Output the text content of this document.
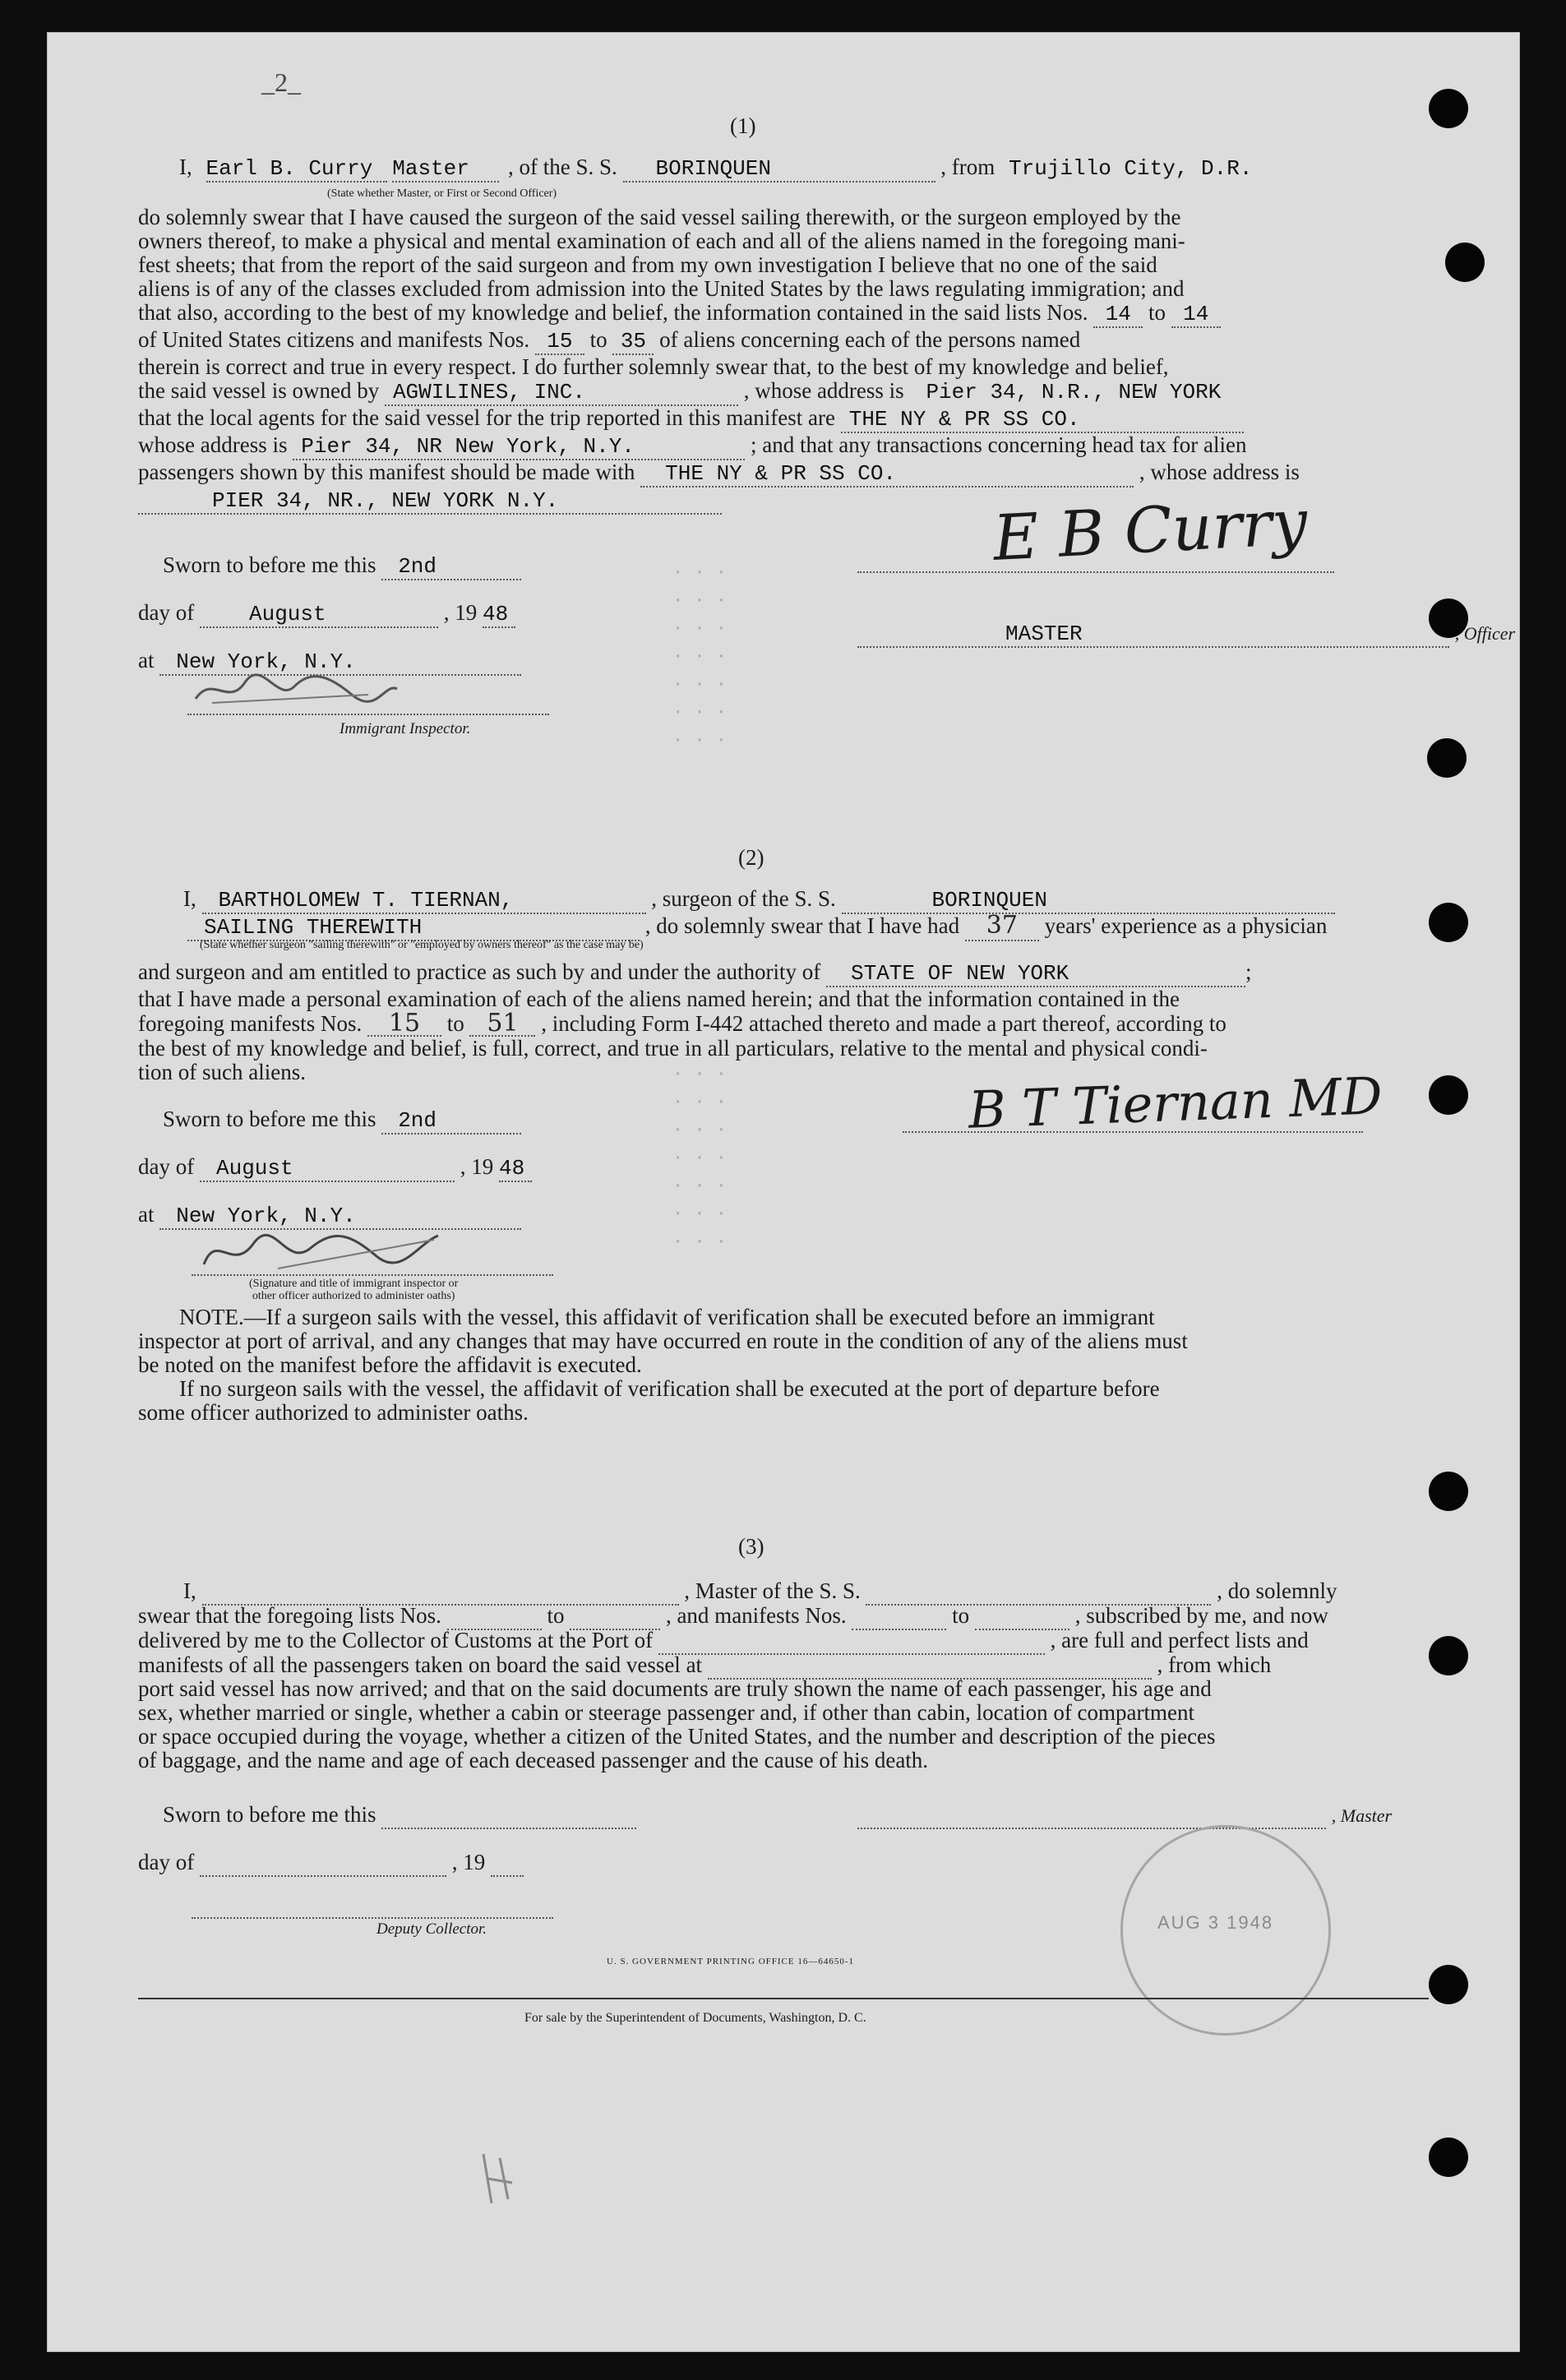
· · ·
· · ·
· · ·
· · ·
· · ·
· · ·
· · ·
· · ·
· · ·
· · ·
· · ·
· · ·
· · ·
· · ·
_2_
(1)
I, Earl B. Curry Master , of the S. S. BORINQUEN	, from Trujillo City, D.R.
(State whether Master, or First or Second Officer)
do solemnly swear that I have caused the surgeon of the said vessel sailing therewith, or the surgeon employed by the
owners thereof, to make a physical and mental examination of each and all of the aliens named in the foregoing mani-
fest sheets; that from the report of the said surgeon and from my own investigation I believe that no one of the said
aliens is of any of the classes excluded from admission into the United States by the laws regulating immigration; and
that also, according to the best of my knowledge and belief, the information contained in the said lists Nos. 14 to 14
of United States citizens and manifests Nos. 15 to 35 of aliens concerning each of the persons named
therein is correct and true in every respect. I do further solemnly swear that, to the best of my knowledge and belief,
the said vessel is owned by AGWILINES, INC.	, whose address is Pier 34, N.R., NEW YORK
that the local agents for the said vessel for the trip reported in this manifest are THE NY & PR SS CO.
whose address is Pier 34, NR New York, N.Y.	; and that any transactions concerning head tax for alien
passengers shown by this manifest should be made with THE NY & PR SS CO.	, whose address is
PIER 34, NR., NEW YORK N.Y.
Sworn to before me this 2nd
day of	August	, 19 48
at New York, N.Y.
Immigrant Inspector.
E B Curry
MASTER	, Officer
(2)
I, BARTHOLOMEW T. TIERNAN,	, surgeon of the S. S.	BORINQUEN
SAILING THEREWITH	, do solemnly swear that I have had 37 years' experience as a physician
(State whether surgeon "sailing therewith" or "employed by owners thereof" as the case may be)
and surgeon and am entitled to practice as such by and under the authority of STATE OF NEW YORK	;
that I have made a personal examination of each of the aliens named herein; and that the information contained in the
foregoing manifests Nos. 15 to 51 , including Form I-442 attached thereto and made a part thereof, according to
the best of my knowledge and belief, is full, correct, and true in all particulars, relative to the mental and physical condi-
tion of such aliens.
Sworn to before me this 2nd
day of August	, 19 48
at New York, N.Y.
(Signature and title of immigrant inspector or
other officer authorized to administer oaths)
B T Tiernan MD
NOTE.—If a surgeon sails with the vessel, this affidavit of verification shall be executed before an immigrant
inspector at port of arrival, and any changes that may have occurred en route in the condition of any of the aliens must
be noted on the manifest before the affidavit is executed.
If no surgeon sails with the vessel, the affidavit of verification shall be executed at the port of departure before
some officer authorized to administer oaths.
(3)
I,	, Master of the S. S.	, do solemnly
swear that the foregoing lists Nos.	to	, and manifests Nos.	to	, subscribed by me, and now
delivered by me to the Collector of Customs at the Port of	, are full and perfect lists and
manifests of all the passengers taken on board the said vessel at	, from which
port said vessel has now arrived; and that on the said documents are truly shown the name of each passenger, his age and
sex, whether married or single, whether a cabin or steerage passenger and, if other than cabin, location of compartment
or space occupied during the voyage, whether a citizen of the United States, and the number and description of the pieces
of baggage, and the name and age of each deceased passenger and the cause of his death.
Sworn to before me this	, Master
day of	, 19
Deputy Collector.
U. S. GOVERNMENT PRINTING OFFICE 16—64650-1
AUG 3 1948
For sale by the Superintendent of Documents, Washington, D. C.
